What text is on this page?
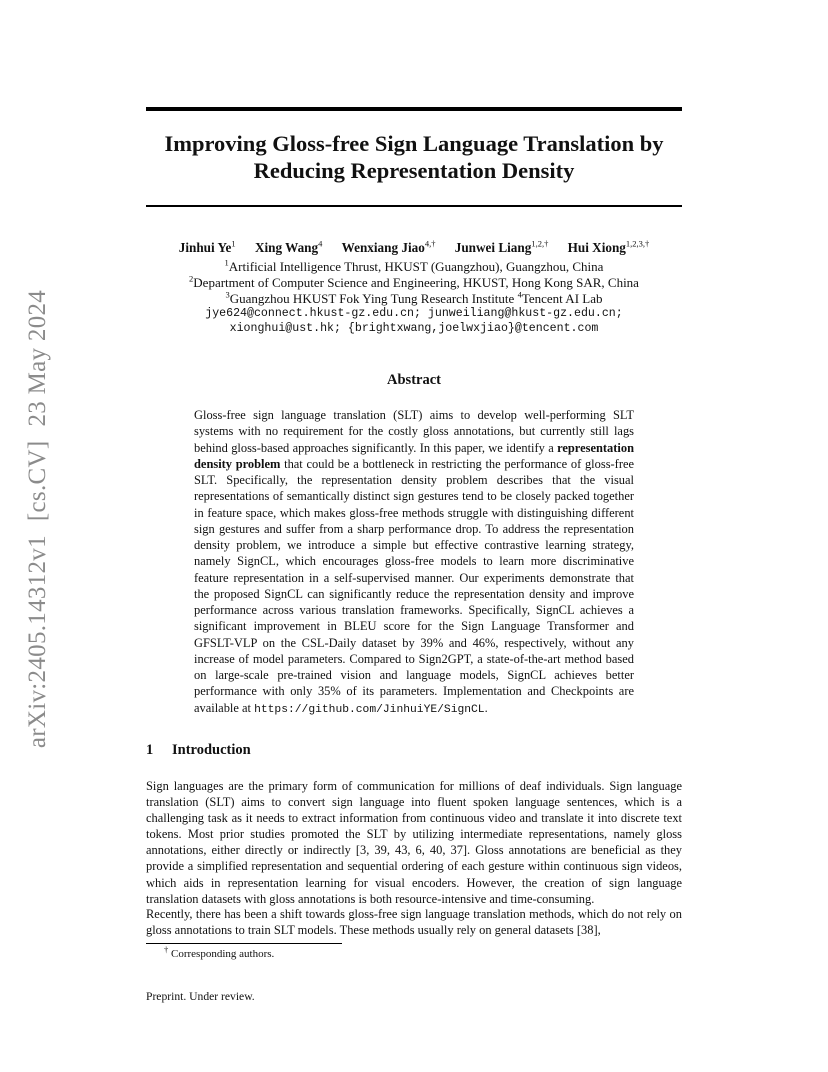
arXiv:2405.14312v1[cs.CV]23 May 2024
Improving Gloss-free Sign Language Translation by
Reducing Representation Density
Jinhui Ye$^1$ Xing Wang$^4$ Wenxiang Jiao$^{4,\dagger}$ Junwei Liang$^{1,2,\dagger}$ Hui Xiong$^{1,2,3,\dagger}$
$^1$Artificial Intelligence Thrust, HKUST (Guangzhou), Guangzhou, China
$^2$Department of Computer Science and Engineering, HKUST, Hong Kong SAR, China
$^3$Guangzhou HKUST Fok Ying Tung Research Institute $^4$Tencent AI Lab
jye624@connect.hkust-gz.edu.cn; junweiliang@hkust-gz.edu.cn;
xionghui@ust.hk; {brightxwang,joelwxjiao}@tencent.com
Abstract
Gloss-free sign language translation (SLT) aims to develop well-performing SLT systems with no requirement for the costly gloss annotations, but currently still lags behind gloss-based approaches significantly. In this paper, we identify a representation density problem that could be a bottleneck in restricting the performance of gloss-free SLT. Specifically, the representation density problem describes that the visual representations of semantically distinct sign gestures tend to be closely packed together in feature space, which makes gloss-free methods struggle with distinguishing different sign gestures and suffer from a sharp performance drop. To address the representation density problem, we introduce a simple but effective contrastive learning strategy, namely SignCL, which encourages gloss-free models to learn more discriminative feature representation in a self-supervised manner. Our experiments demonstrate that the proposed SignCL can significantly reduce the representation density and improve performance across various translation frameworks. Specifically, SignCL achieves a significant improvement in BLEU score for the Sign Language Transformer and GFSLT-VLP on the CSL-Daily dataset by 39% and 46%, respectively, without any increase of model parameters. Compared to Sign2GPT, a state-of-the-art method based on large-scale pre-trained vision and language models, SignCL achieves better performance with only 35% of its parameters. Implementation and Checkpoints are available at https://github.com/JinhuiYE/SignCL.
1 Introduction
Sign languages are the primary form of communication for millions of deaf individuals. Sign language translation (SLT) aims to convert sign language into fluent spoken language sentences, which is a challenging task as it needs to extract information from continuous video and translate it into discrete text tokens. Most prior studies promoted the SLT by utilizing intermediate representations, namely gloss annotations, either directly or indirectly [3, 39, 43, 6, 40, 37]. Gloss annotations are beneficial as they provide a simplified representation and sequential ordering of each gesture within continuous sign videos, which aids in representation learning for visual encoders. However, the creation of sign language translation datasets with gloss annotations is both resource-intensive and time-consuming.
Recently, there has been a shift towards gloss-free sign language translation methods, which do not rely on gloss annotations to train SLT models. These methods usually rely on general datasets [38],
† Corresponding authors.
Preprint. Under review.
